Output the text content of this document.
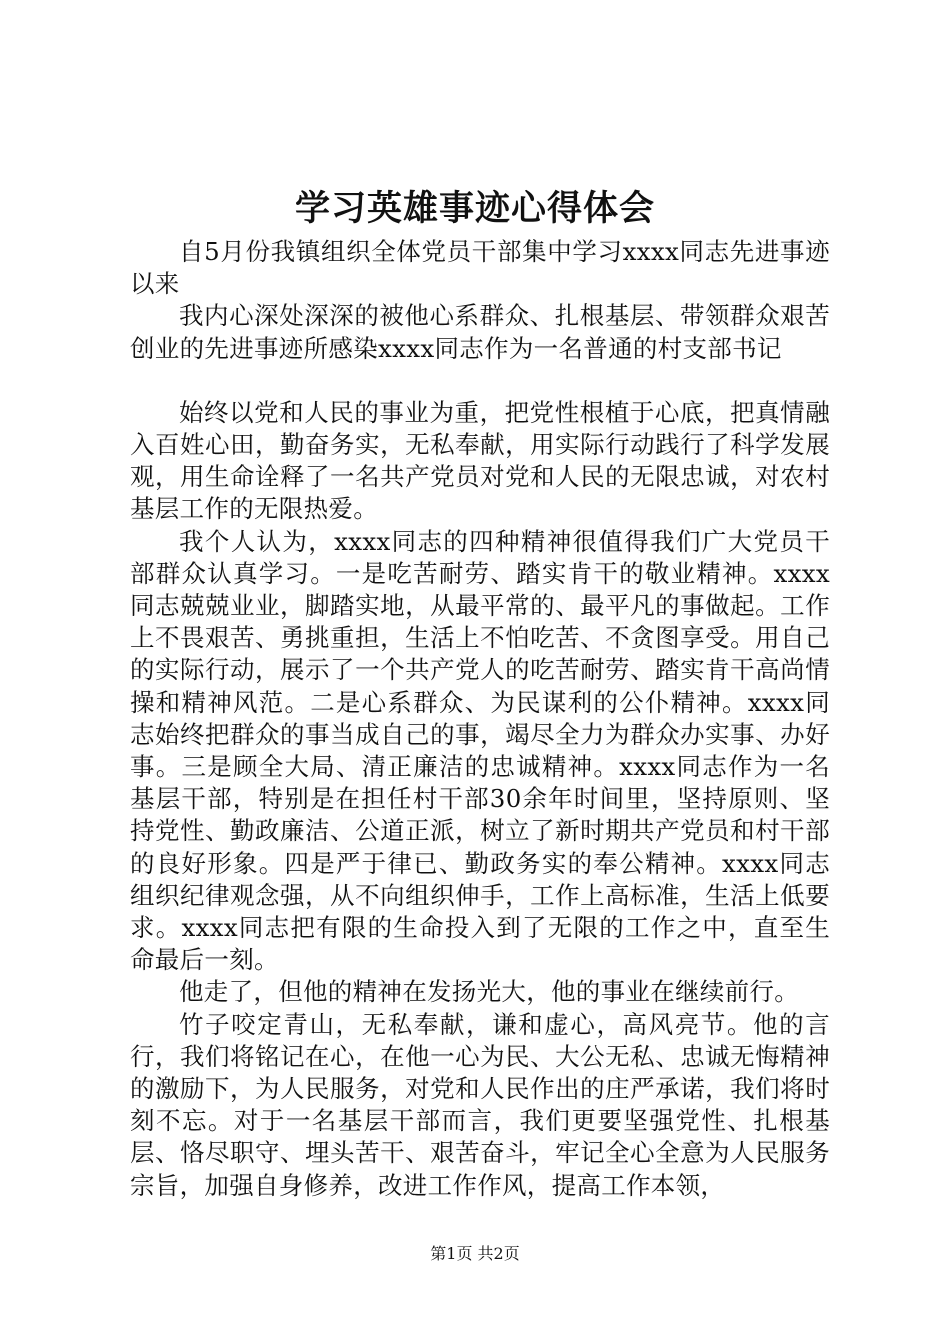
学习英雄事迹心得体会

自5月份我镇组织全体党员干部集中学习xxxx同志先进事迹以来

我内心深处深深的被他心系群众、扎根基层、带领群众艰苦创业的先进事迹所感染xxxx同志作为一名普通的村支部书记

始终以党和人民的事业为重，把党性根植于心底，把真情融入百姓心田，勤奋务实，无私奉献，用实际行动践行了科学发展观，用生命诠释了一名共产党员对党和人民的无限忠诚，对农村基层工作的无限热爱。

我个人认为，xxxx同志的四种精神很值得我们广大党员干部群众认真学习。一是吃苦耐劳、踏实肯干的敬业精神。xxxx同志兢兢业业，脚踏实地，从最平常的、最平凡的事做起。工作上不畏艰苦、勇挑重担，生活上不怕吃苦、不贪图享受。用自己的实际行动，展示了一个共产党人的吃苦耐劳、踏实肯干高尚情操和精神风范。二是心系群众、为民谋利的公仆精神。xxxx同志始终把群众的事当成自己的事，竭尽全力为群众办实事、办好事。三是顾全大局、清正廉洁的忠诚精神。xxxx同志作为一名基层干部，特别是在担任村干部30余年时间里，坚持原则、坚持党性、勤政廉洁、公道正派，树立了新时期共产党员和村干部的良好形象。四是严于律已、勤政务实的奉公精神。xxxx同志组织纪律观念强，从不向组织伸手，工作上高标准，生活上低要求。xxxx同志把有限的生命投入到了无限的工作之中，直至生命最后一刻。

他走了，但他的精神在发扬光大，他的事业在继续前行。

竹子咬定青山，无私奉献，谦和虚心，高风亮节。他的言行，我们将铭记在心，在他一心为民、大公无私、忠诚无悔精神的激励下，为人民服务，对党和人民作出的庄严承诺，我们将时刻不忘。对于一名基层干部而言，我们更要坚强党性、扎根基层、恪尽职守、埋头苦干、艰苦奋斗，牢记全心全意为人民服务宗旨，加强自身修养，改进工作作风，提高工作本领，

第1页 共2页
